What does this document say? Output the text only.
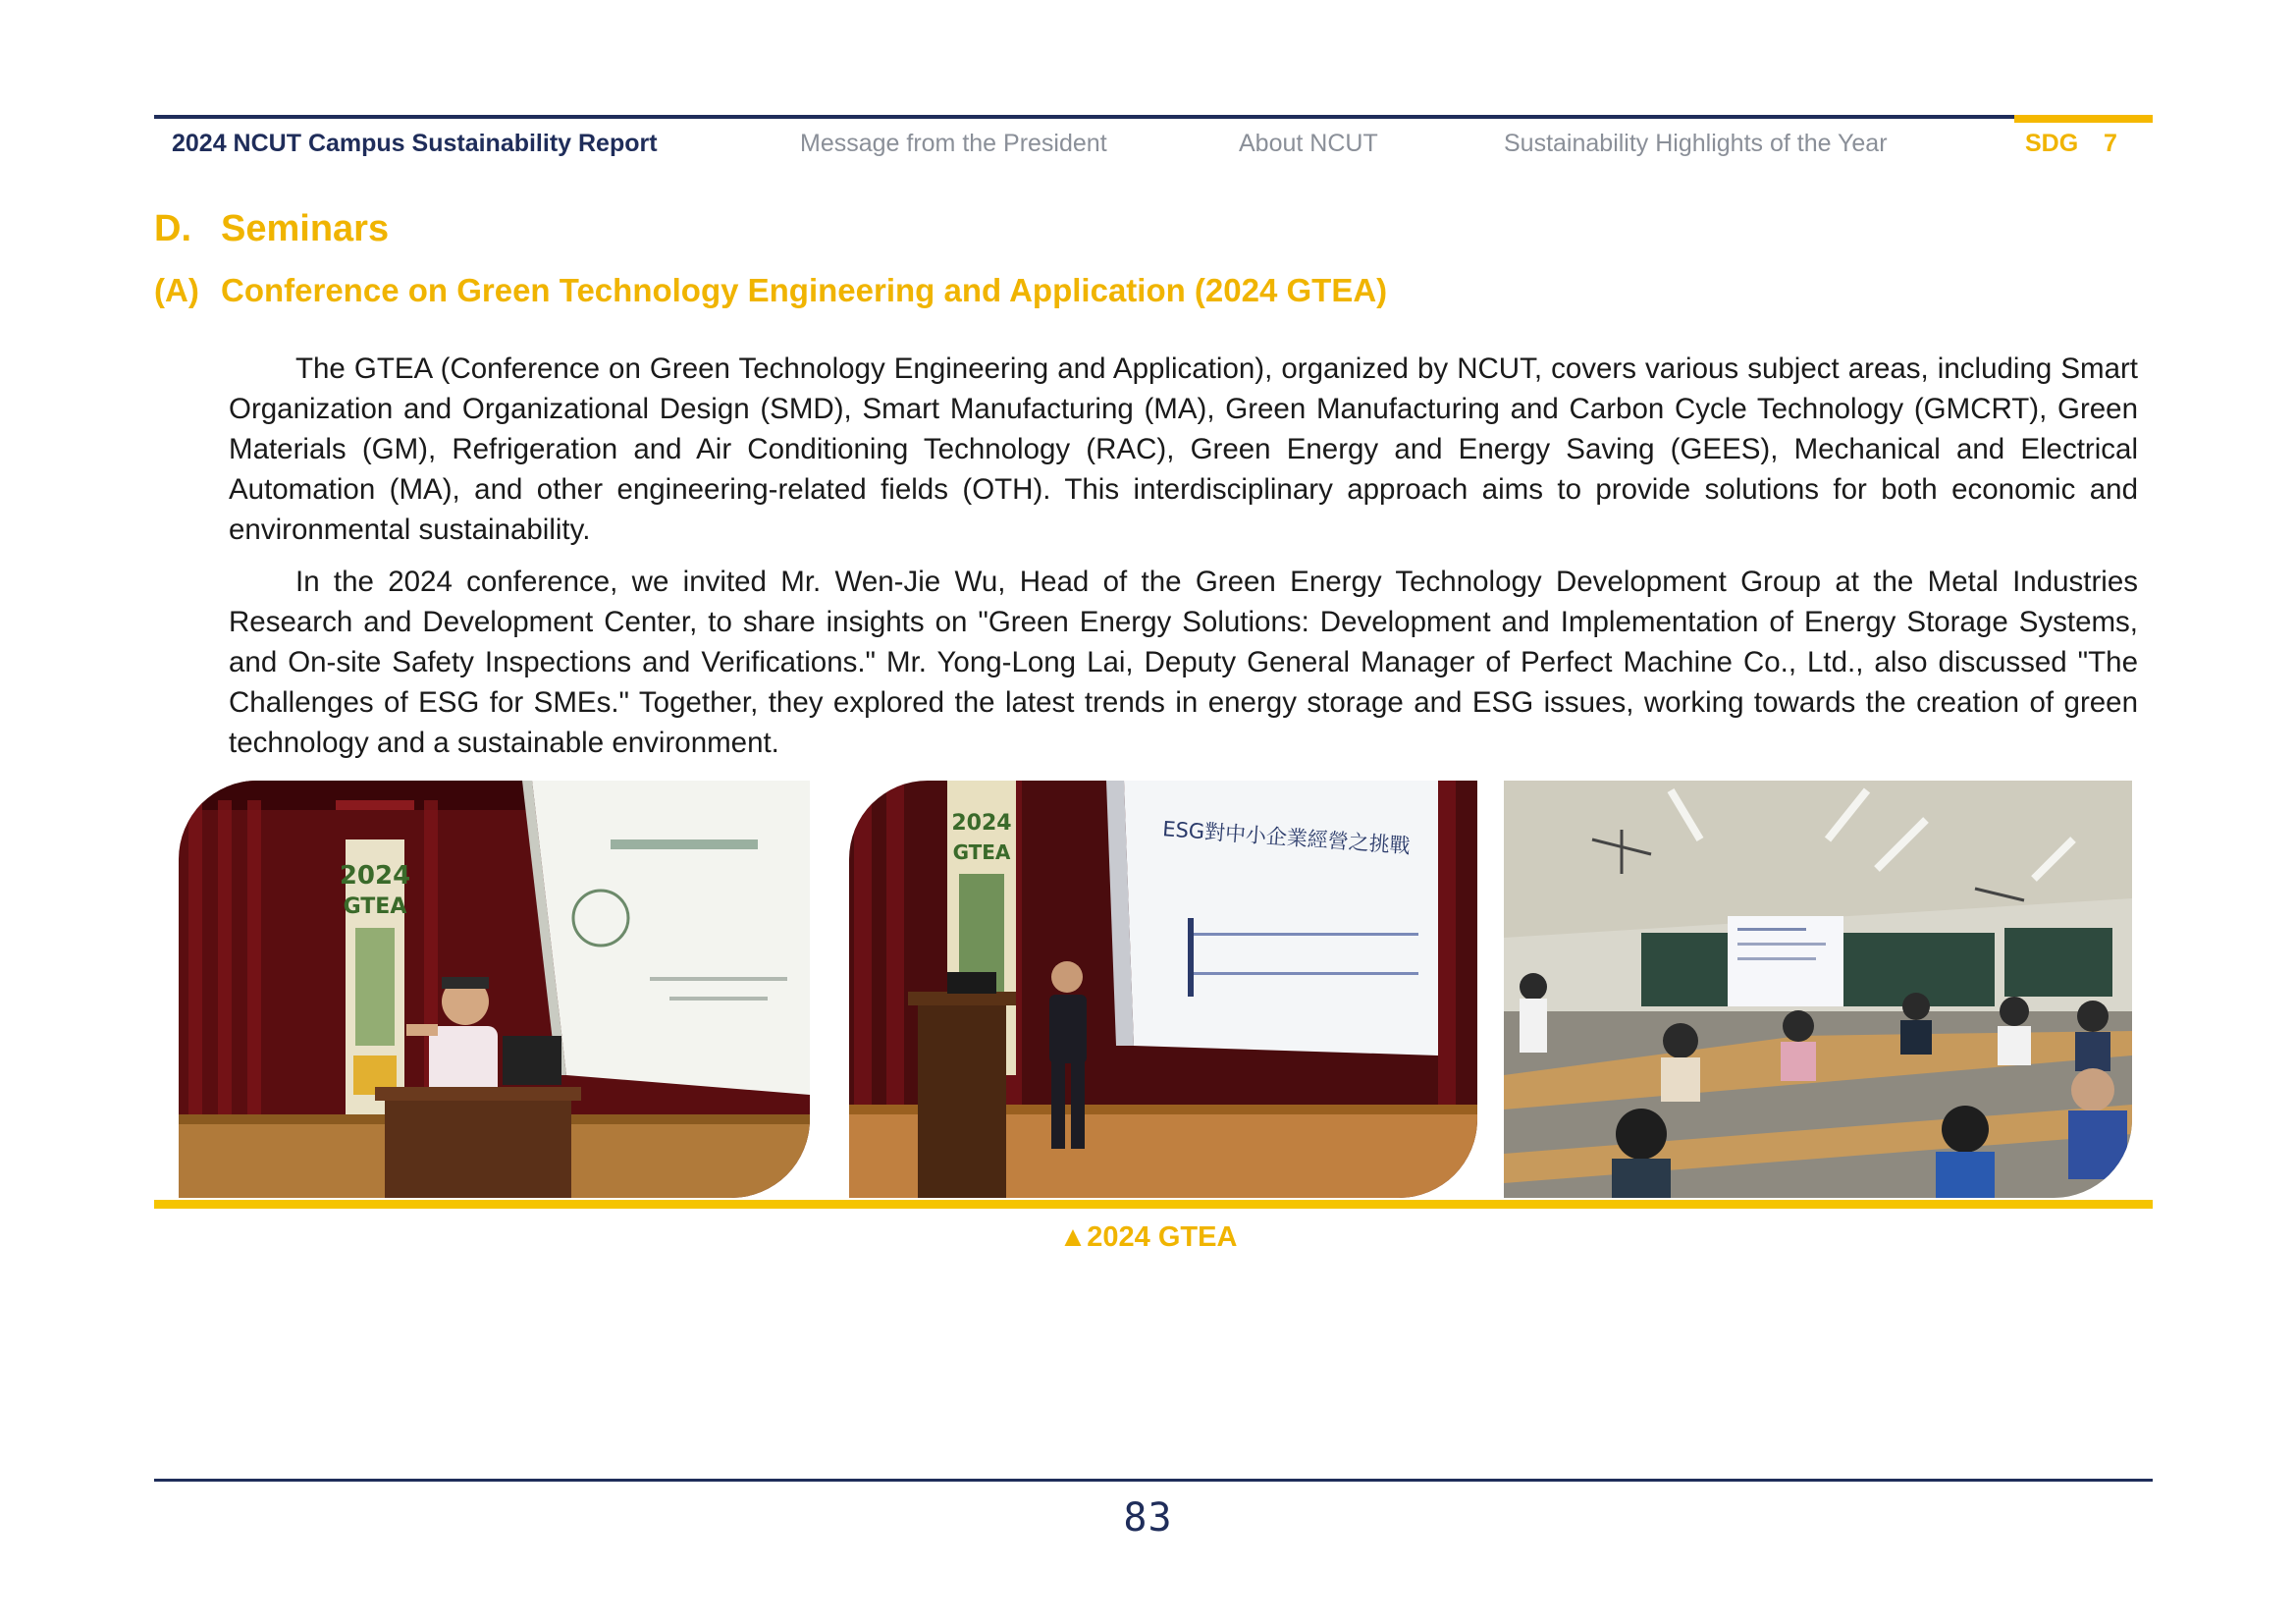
2024 NCUT Campus Sustainability Report	Message from the President	About NCUT	Sustainability Highlights of the Year	SDG 7
D. Seminars
(A) Conference on Green Technology Engineering and Application (2024 GTEA)

The GTEA (Conference on Green Technology Engineering and Application), organized by NCUT, covers various subject areas, including Smart Organization and Organizational Design (SMD), Smart Manufacturing (MA), Green Manufacturing and Carbon Cycle Technology (GMCRT), Green Materials (GM), Refrigeration and Air Conditioning Technology (RAC), Green Energy and Energy Saving (GEES), Mechanical and Electrical Automation (MA), and other engineering-related fields (OTH). This interdisciplinary approach aims to provide solutions for both economic and environmental sustainability.

In the 2024 conference, we invited Mr. Wen-Jie Wu, Head of the Green Energy Technology Development Group at the Metal Industries Research and Development Center, to share insights on "Green Energy Solutions: Development and Implementation of Energy Storage Systems, and On-site Safety Inspections and Verifications." Mr. Yong-Long Lai, Deputy General Manager of Perfect Machine Co., Ltd., also discussed "The Challenges of ESG for SMEs." Together, they explored the latest trends in energy storage and ESG issues, working towards the creation of green technology and a sustainable environment.

2024
GTEA
2024
GTEA	ESG對中小企業經營之挑戰
▲2024 GTEA
83
